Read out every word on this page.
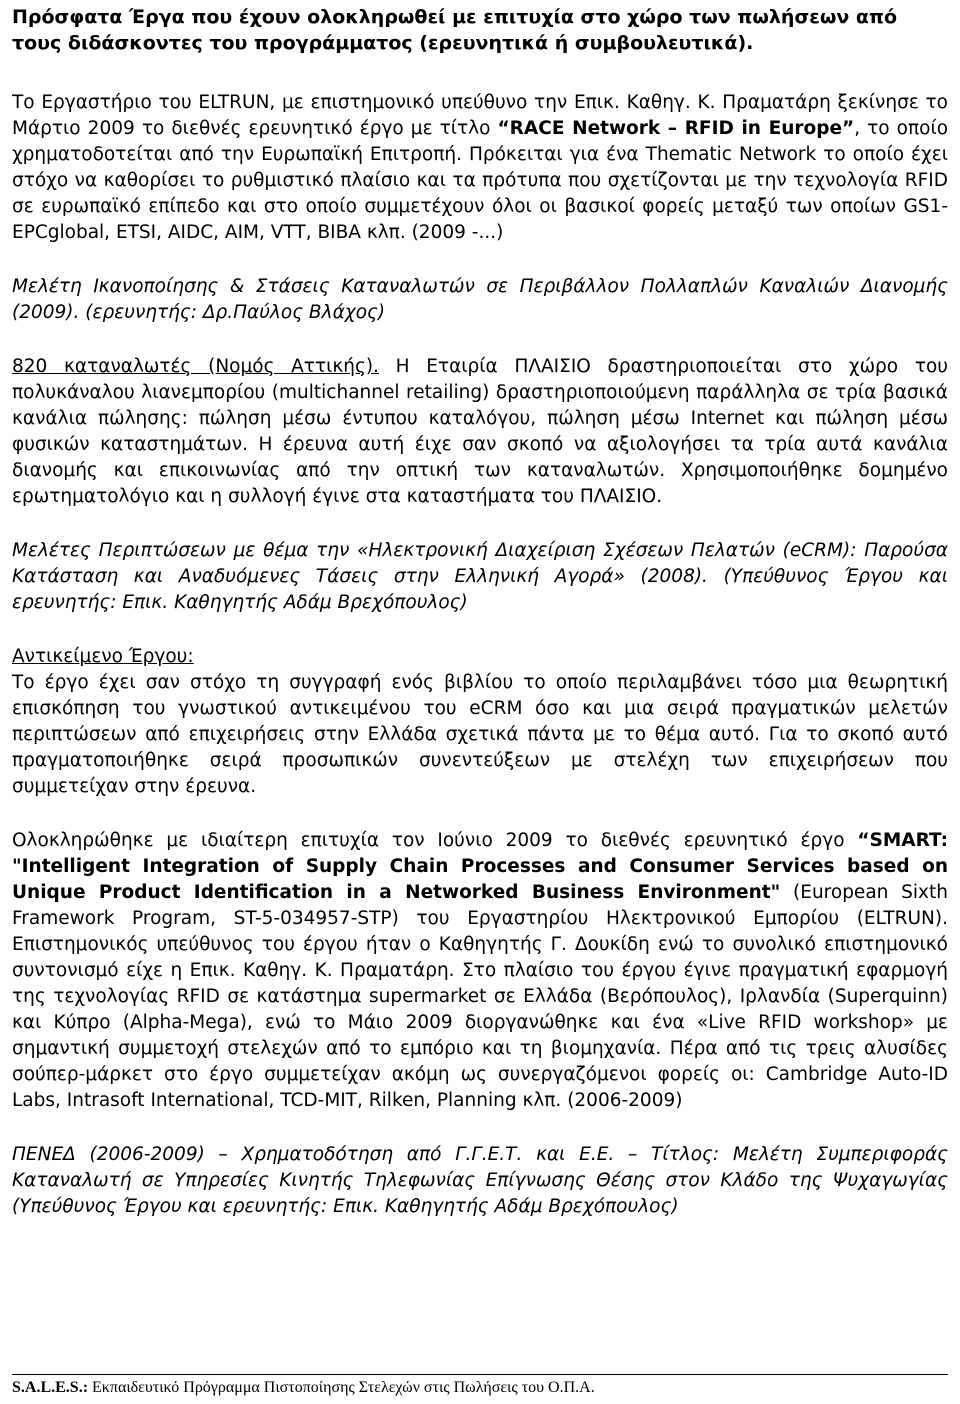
Πρόσφατα Έργα που έχουν ολοκληρωθεί με επιτυχία στο χώρο των πωλήσεων από τους διδάσκοντες του προγράμματος (ερευνητικά ή συμβουλευτικά).

Το Εργαστήριο του ELTRUN, με επιστημονικό υπεύθυνο την Επικ. Καθηγ. Κ. Πραματάρη ξεκίνησε το Μάρτιο 2009 το διεθνές ερευνητικό έργο με τίτλο “RACE Network – RFID in Europe”, το οποίο χρηματοδοτείται από την Ευρωπαϊκή Επιτροπή. Πρόκειται για ένα Thematic Network το οποίο έχει στόχο να καθορίσει το ρυθμιστικό πλαίσιο και τα πρότυπα που σχετίζονται με την τεχνολογία RFID σε ευρωπαϊκό επίπεδο και στο οποίο συμμετέχουν όλοι οι βασικοί φορείς μεταξύ των οποίων GS1-EPCglobal, ETSI, AIDC, AIM, VTT, BIBA κλπ. (2009 -...)

Μελέτη Ικανοποίησης & Στάσεις Καταναλωτών σε Περιβάλλον Πολλαπλών Καναλιών Διανομής (2009). (ερευνητής: Δρ.Παύλος Βλάχος)

820 καταναλωτές (Νομός Αττικής). Η Εταιρία ΠΛΑΙΣΙΟ δραστηριοποιείται στο χώρο του πολυκάναλου λιανεμπορίου (multichannel retailing) δραστηριοποιούμενη παράλληλα σε τρία βασικά κανάλια πώλησης: πώληση μέσω έντυπου καταλόγου, πώληση μέσω Internet και πώληση μέσω φυσικών καταστημάτων. Η έρευνα αυτή έιχε σαν σκοπό να αξιολογήσει τα τρία αυτά κανάλια διανομής και επικοινωνίας από την οπτική των καταναλωτών. Χρησιμοποιήθηκε δομημένο ερωτηματολόγιο και η συλλογή έγινε στα καταστήματα του ΠΛΑΙΣΙΟ.

Μελέτες Περιπτώσεων με θέμα την «Ηλεκτρονική Διαχείριση Σχέσεων Πελατών (eCRM): Παρούσα Κατάσταση και Αναδυόμενες Τάσεις στην Ελληνική Αγορά» (2008). (Υπεύθυνος Έργου και ερευνητής: Επικ. Καθηγητής Αδάμ Βρεχόπουλος)

Αντικείμενο Έργου:

Το έργο έχει σαν στόχο τη συγγραφή ενός βιβλίου το οποίο περιλαμβάνει τόσο μια θεωρητική επισκόπηση του γνωστικού αντικειμένου του eCRM όσο και μια σειρά πραγματικών μελετών περιπτώσεων από επιχειρήσεις στην Ελλάδα σχετικά πάντα με το θέμα αυτό. Για το σκοπό αυτό πραγματοποιήθηκε σειρά προσωπικών συνεντεύξεων με στελέχη των επιχειρήσεων που συμμετείχαν στην έρευνα.

Ολοκληρώθηκε με ιδιαίτερη επιτυχία τον Ιούνιο 2009 το διεθνές ερευνητικό έργο “SMART: "Intelligent Integration of Supply Chain Processes and Consumer Services based on Unique Product Identification in a Networked Business Environment" (European Sixth Framework Program, ST-5-034957-STP) του Εργαστηρίου Ηλεκτρονικού Εμπορίου (ELTRUN). Επιστημονικός υπεύθυνος του έργου ήταν ο Καθηγητής Γ. Δουκίδη ενώ το συνολικό επιστημονικό συντονισμό είχε η Επικ. Καθηγ. Κ. Πραματάρη. Στο πλαίσιο του έργου έγινε πραγματική εφαρμογή της τεχνολογίας RFID σε κατάστημα supermarket σε Ελλάδα (Βερόπουλος), Ιρλανδία (Superquinn) και Κύπρο (Alpha-Mega), ενώ το Μάιο 2009 διοργανώθηκε και ένα «Live RFID workshop» με σημαντική συμμετοχή στελεχών από το εμπόριο και τη βιομηχανία. Πέρα από τις τρεις αλυσίδες σούπερ-μάρκετ στο έργο συμμετείχαν ακόμη ως συνεργαζόμενοι φορείς οι: Cambridge Auto-ID Labs, Intrasoft International, TCD-MIT, Rilken, Planning κλπ. (2006-2009)

ΠΕΝΕΔ (2006-2009) – Χρηματοδότηση από Γ.Γ.Ε.Τ. και Ε.Ε. – Τίτλος: Μελέτη Συμπεριφοράς Καταναλωτή σε Υπηρεσίες Κινητής Τηλεφωνίας Επίγνωσης Θέσης στον Κλάδο της Ψυχαγωγίας (Υπεύθυνος Έργου και ερευνητής: Επικ. Καθηγητής Αδάμ Βρεχόπουλος)

S.A.L.E.S.: Εκπαιδευτικό Πρόγραμμα Πιστοποίησης Στελεχών στις Πωλήσεις του Ο.Π.Α.
